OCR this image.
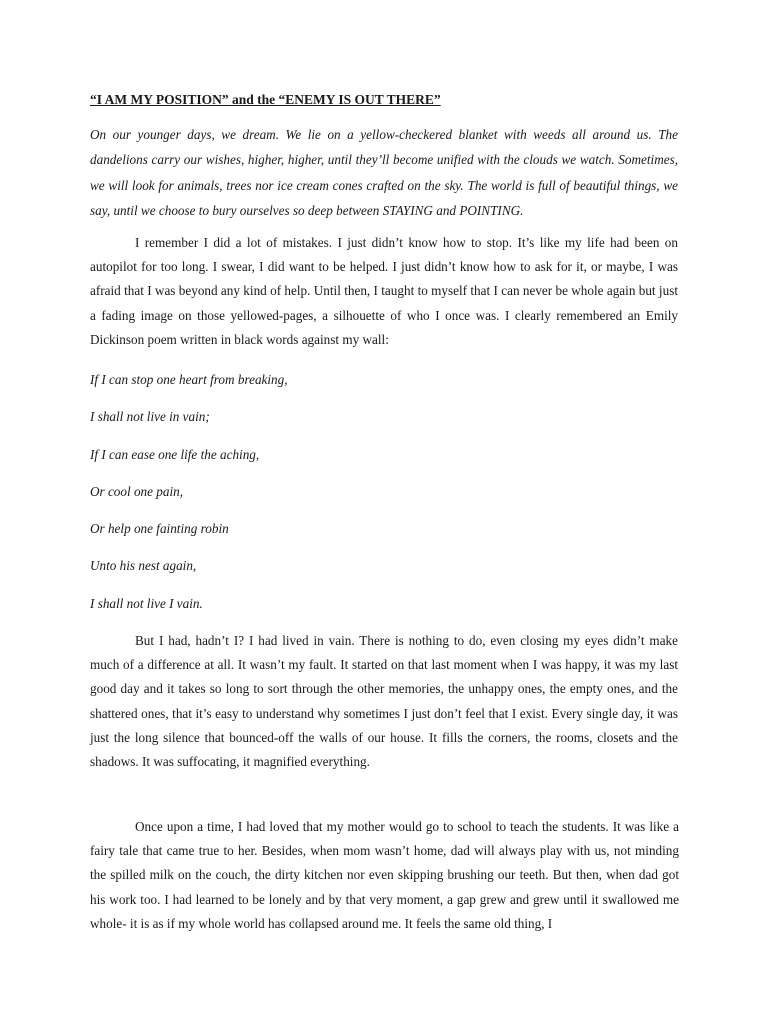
“I AM MY POSITION” and the “ENEMY IS OUT THERE”

On our younger days, we dream. We lie on a yellow-checkered blanket with weeds all around us. The dandelions carry our wishes, higher, higher, until they’ll become unified with the clouds we watch. Sometimes, we will look for animals, trees nor ice cream cones crafted on the sky. The world is full of beautiful things, we say, until we choose to bury ourselves so deep between STAYING and POINTING.

I remember I did a lot of mistakes. I just didn’t know how to stop. It’s like my life had been on autopilot for too long. I swear, I did want to be helped. I just didn’t know how to ask for it, or maybe, I was afraid that I was beyond any kind of help. Until then, I taught to myself that I can never be whole again but just a fading image on those yellowed-pages, a silhouette of who I once was. I clearly remembered an Emily Dickinson poem written in black words against my wall:

If I can stop one heart from breaking,

I shall not live in vain;

If I can ease one life the aching,

Or cool one pain,

Or help one fainting robin

Unto his nest again,

I shall not live I vain.

But I had, hadn’t I? I had lived in vain. There is nothing to do, even closing my eyes didn’t make much of a difference at all. It wasn’t my fault. It started on that last moment when I was happy, it was my last good day and it takes so long to sort through the other memories, the unhappy ones, the empty ones, and the shattered ones, that it’s easy to understand why sometimes I just don’t feel that I exist. Every single day, it was just the long silence that bounced-off the walls of our house. It fills the corners, the rooms, closets and the shadows. It was suffocating, it magnified everything.

Once upon a time, I had loved that my mother would go to school to teach the students. It was like a fairy tale that came true to her. Besides, when mom wasn’t home, dad will always play with us, not minding the spilled milk on the couch, the dirty kitchen nor even skipping brushing our teeth. But then, when dad got his work too. I had learned to be lonely and by that very moment, a gap grew and grew until it swallowed me whole- it is as if my whole world has collapsed around me. It feels the same old thing, I
